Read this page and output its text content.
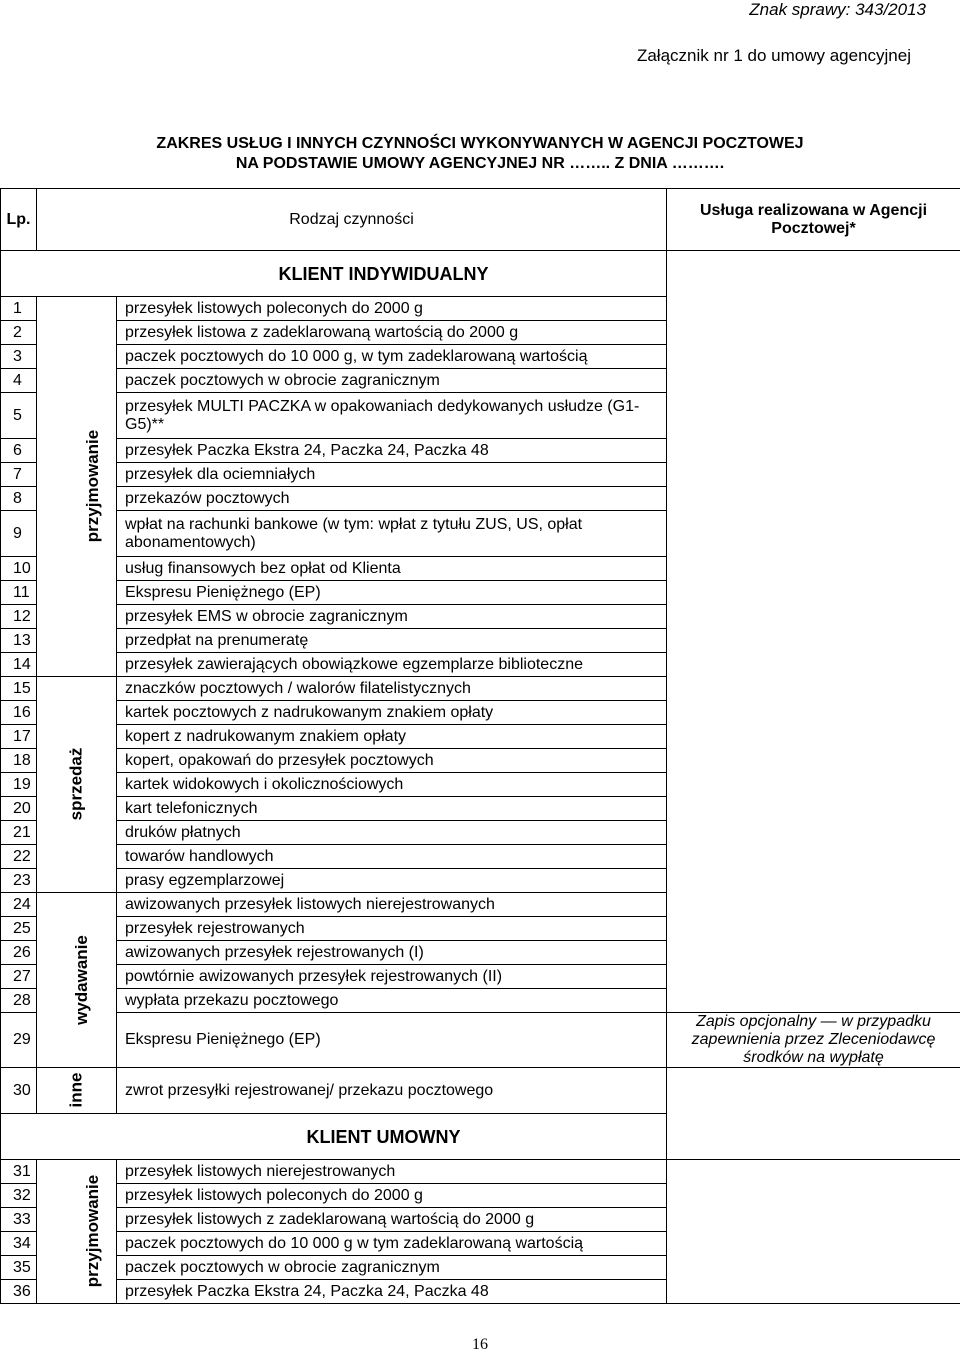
Znak sprawy: 343/2013
Załącznik nr 1 do umowy agencyjnej
ZAKRES USŁUG I INNYCH CZYNNOŚCI WYKONYWANYCH W AGENCJI POCZTOWEJ
NA PODSTAWIE UMOWY AGENCYJNEJ NR …….. Z DNIA ……….
Lp.	Rodzaj czynności		Usługa realizowana w Agencji Pocztowej*
KLIENT INDYWIDUALNY			
1	przyjmowanie	przesyłek listowych poleconych do 2000 g	
2		przesyłek listowa z zadeklarowaną wartością do 2000 g	
3		paczek pocztowych do 10 000 g, w tym zadeklarowaną wartością	
4		paczek pocztowych w obrocie zagranicznym	
5		przesyłek MULTI PACZKA w opakowaniach dedykowanych usłudze (G1-G5)**	
6		przesyłek Paczka Ekstra 24, Paczka 24, Paczka 48	
7		przesyłek dla ociemniałych	
8		przekazów pocztowych	
9		wpłat na rachunki bankowe (w tym: wpłat z tytułu ZUS, US, opłat abonamentowych)	
10		usług finansowych bez opłat od Klienta	
11		Ekspresu Pieniężnego (EP)	
12		przesyłek EMS w obrocie zagranicznym	
13		przedpłat na prenumeratę	
14		przesyłek zawierających obowiązkowe egzemplarze biblioteczne	
15	sprzedaż	znaczków pocztowych / walorów filatelistycznych	
16		kartek pocztowych z nadrukowanym znakiem opłaty	
17		kopert z nadrukowanym znakiem opłaty	
18		kopert, opakowań do przesyłek pocztowych	
19		kartek widokowych i okolicznościowych	
20		kart telefonicznych	
21		druków płatnych	
22		towarów handlowych	
23		prasy egzemplarzowej	
24	wydawanie	awizowanych przesyłek listowych nierejestrowanych	
25		przesyłek rejestrowanych	
26		awizowanych przesyłek rejestrowanych (I)	
27		powtórnie awizowanych przesyłek rejestrowanych (II)	
28		wypłata przekazu pocztowego	
29		Ekspresu Pieniężnego (EP)	Zapis opcjonalny — w przypadku zapewnienia przez Zleceniodawcę środków na wypłatę
30	inne	zwrot przesyłki rejestrowanej/ przekazu pocztowego	
KLIENT UMOWNY			
31	przyjmowanie	przesyłek listowych nierejestrowanych	
32		przesyłek listowych poleconych do 2000 g	
33		przesyłek listowych z zadeklarowaną wartością do 2000 g	
34		paczek pocztowych do 10 000 g w tym zadeklarowaną wartością	
35		paczek pocztowych w obrocie zagranicznym	
36		przesyłek Paczka Ekstra 24, Paczka 24, Paczka 48	
16
